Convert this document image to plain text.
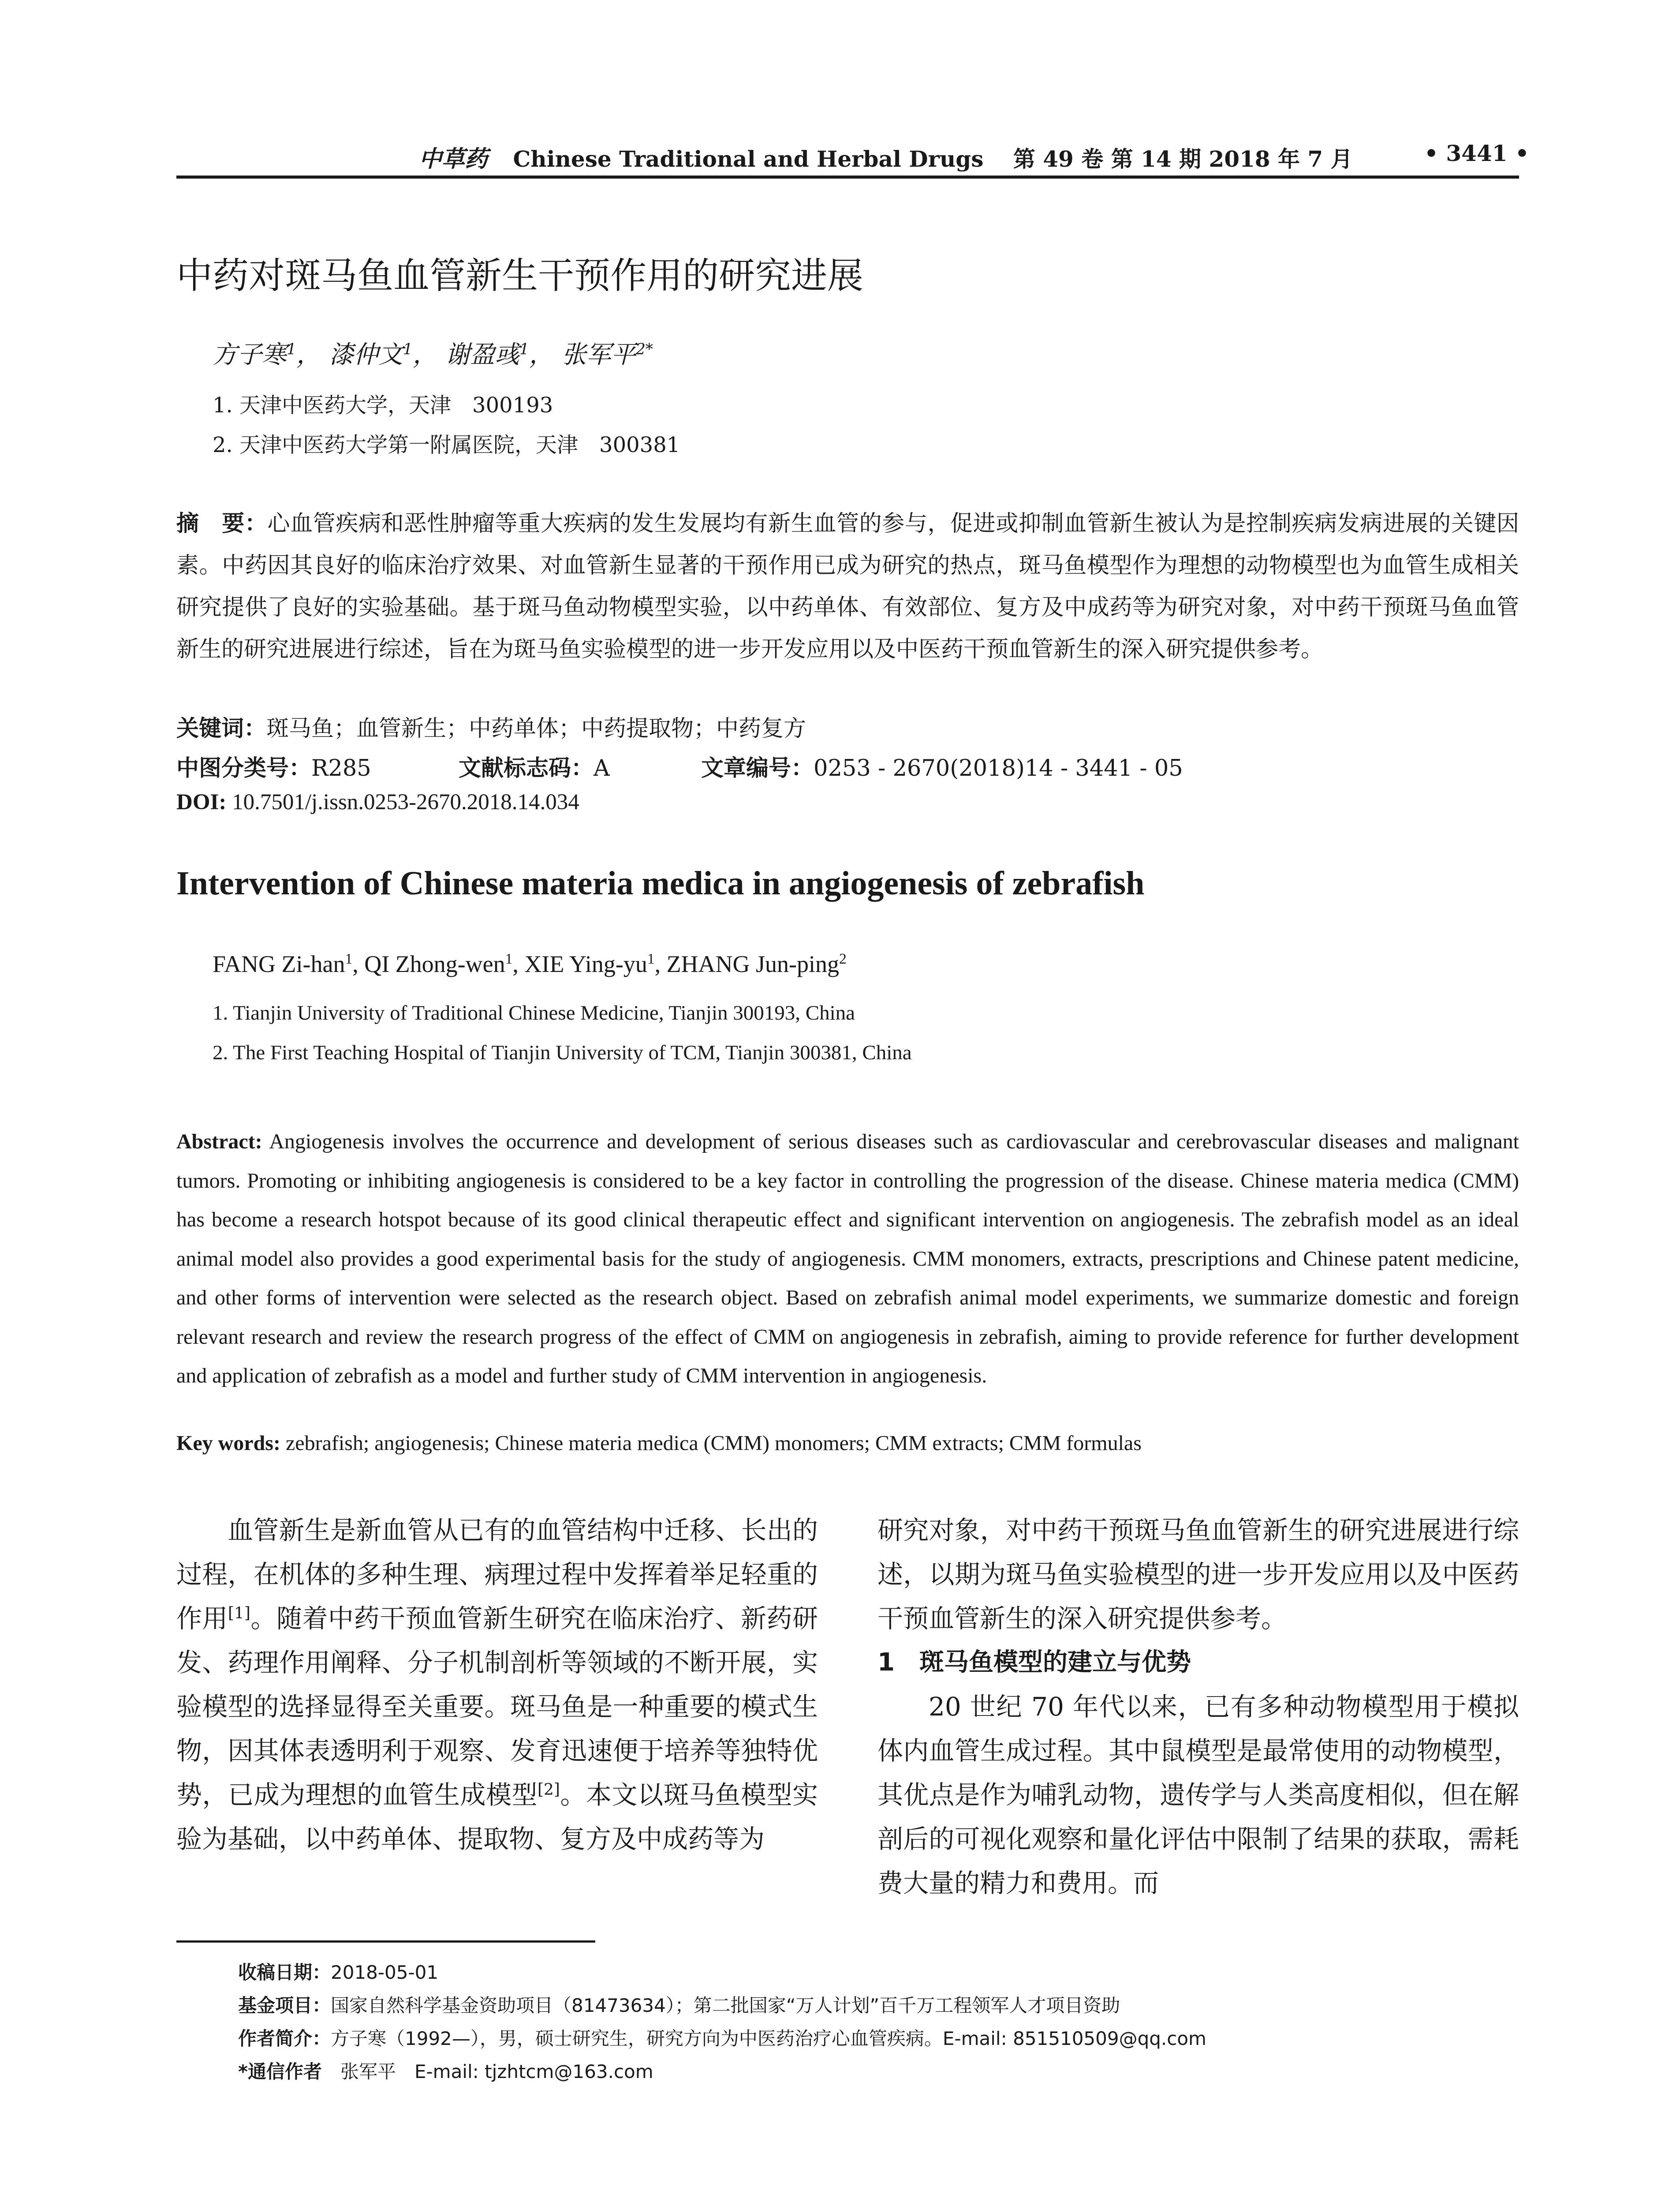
中草药 Chinese Traditional and Herbal Drugs 第 49 卷 第 14 期 2018 年 7 月	• 3441 •
中药对斑马鱼血管新生干预作用的研究进展
方子寒$^1$， 漆仲文$^1$， 谢盈彧$^1$， 张军平$^{2*}$
1. 天津中医药大学，天津　300193
2. 天津中医药大学第一附属医院，天津　300381
摘　要：心血管疾病和恶性肿瘤等重大疾病的发生发展均有新生血管的参与，促进或抑制血管新生被认为是控制疾病发病进展的关键因素。中药因其良好的临床治疗效果、对血管新生显著的干预作用已成为研究的热点，斑马鱼模型作为理想的动物模型也为血管生成相关研究提供了良好的实验基础。基于斑马鱼动物模型实验，以中药单体、有效部位、复方及中成药等为研究对象，对中药干预斑马鱼血管新生的研究进展进行综述，旨在为斑马鱼实验模型的进一步开发应用以及中医药干预血管新生的深入研究提供参考。
关键词：斑马鱼；血管新生；中药单体；中药提取物；中药复方
中图分类号：R285	文献标志码：A	文章编号：0253 - 2670(2018)14 - 3441 - 05
DOI: 10.7501/j.issn.0253-2670.2018.14.034
Intervention of Chinese materia medica in angiogenesis of zebrafish
FANG Zi-han$^1$, QI Zhong-wen$^1$, XIE Ying-$yu^1$, ZHANG Jun-ping$^2$
1. Tianjin University of Traditional Chinese Medicine, Tianjin 300193, China
2. The First Teaching Hospital of Tianjin University of TCM, Tianjin 300381, China
Abstract: Angiogenesis involves the occurrence and development of serious diseases such as cardiovascular and cerebrovascular diseases and malignant tumors. Promoting or inhibiting angiogenesis is considered to be a key factor in controlling the progression of the disease. Chinese materia medica (CMM) has become a research hotspot because of its good clinical therapeutic effect and significant intervention on angiogenesis. The zebrafish model as an ideal animal model also provides a good experimental basis for the study of angiogenesis. CMM monomers, extracts, prescriptions and Chinese patent medicine, and other forms of intervention were selected as the research object. Based on zebrafish animal model experiments, we summarize domestic and foreign relevant research and review the research progress of the effect of CMM on angiogenesis in zebrafish, aiming to provide reference for further development and application of zebrafish as a model and further study of CMM intervention in angiogenesis.
Key words: zebrafish; angiogenesis; Chinese materia medica (CMM) monomers; CMM extracts; CMM formulas

血管新生是新血管从已有的血管结构中迁移、长出的过程，在机体的多种生理、病理过程中发挥着举足轻重的作用[1]。随着中药干预血管新生研究在临床治疗、新药研发、药理作用阐释、分子机制剖析等领域的不断开展，实验模型的选择显得至关重要。斑马鱼是一种重要的模式生物，因其体表透明利于观察、发育迅速便于培养等独特优势，已成为理想的血管生成模型[2]。本文以斑马鱼模型实验为基础，以中药单体、提取物、复方及中成药等为

研究对象，对中药干预斑马鱼血管新生的研究进展进行综述，以期为斑马鱼实验模型的进一步开发应用以及中医药干预血管新生的深入研究提供参考。

1　斑马鱼模型的建立与优势

20 世纪 70 年代以来，已有多种动物模型用于模拟体内血管生成过程。其中鼠模型是最常使用的动物模型，其优点是作为哺乳动物，遗传学与人类高度相似，但在解剖后的可视化观察和量化评估中限制了结果的获取，需耗费大量的精力和费用。而

收稿日期：2018-05-01
基金项目：国家自然科学基金资助项目（81473634）；第二批国家“万人计划”百千万工程领军人才项目资助
作者简介：方子寒（1992—），男，硕士研究生，研究方向为中医药治疗心血管疾病。E-mail: 851510509@qq.com
*通信作者　张军平　E-mail: tjzhtcm@163.com
